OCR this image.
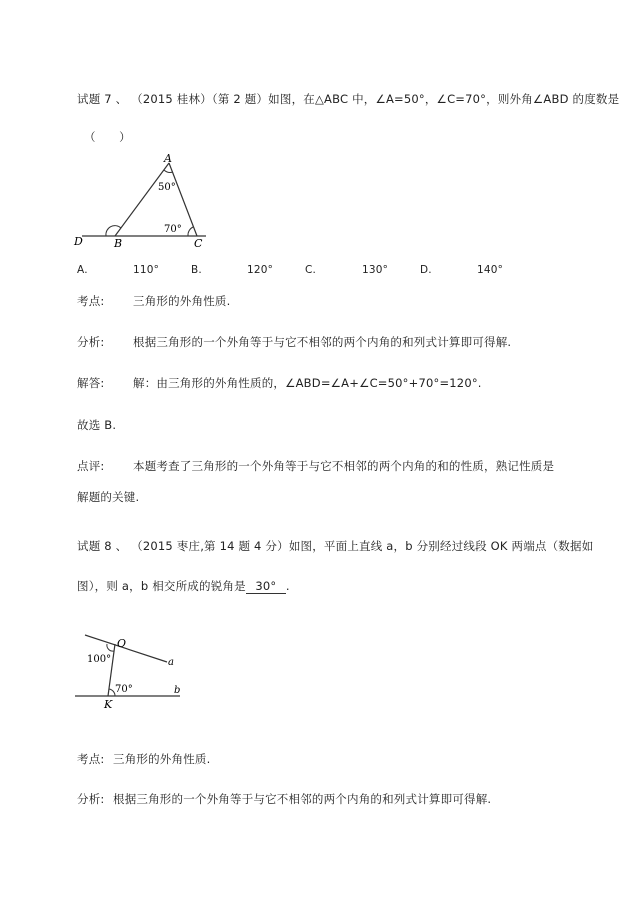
试题 7 、 （2015 桂林）（第 2 题）如图，在△ABC 中，∠A=50°，∠C=70°，则外角∠ABD 的度数是
（　　）
A
B	C
D
50°
70°
A.	110°	B.	120°	C.	130°	D.	140°
考点: 三角形的外角性质.
分析: 根据三角形的一个外角等于与它不相邻的两个内角的和列式计算即可得解.
解答: 解：由三角形的外角性质的，∠ABD=∠A+∠C=50°+70°=120°.
故选 B.
点评: 本题考查了三角形的一个外角等于与它不相邻的两个内角的和的性质，熟记性质是
解题的关键.
试题 8 、 （2015 枣庄,第 14 题 4 分）如图，平面上直线 a，b 分别经过线段 OK 两端点（数据如
图），则 a，b 相交所成的锐角是 30° .
O
K
a
b
100°
70°
考点: 三角形的外角性质.
分析: 根据三角形的一个外角等于与它不相邻的两个内角的和列式计算即可得解.
